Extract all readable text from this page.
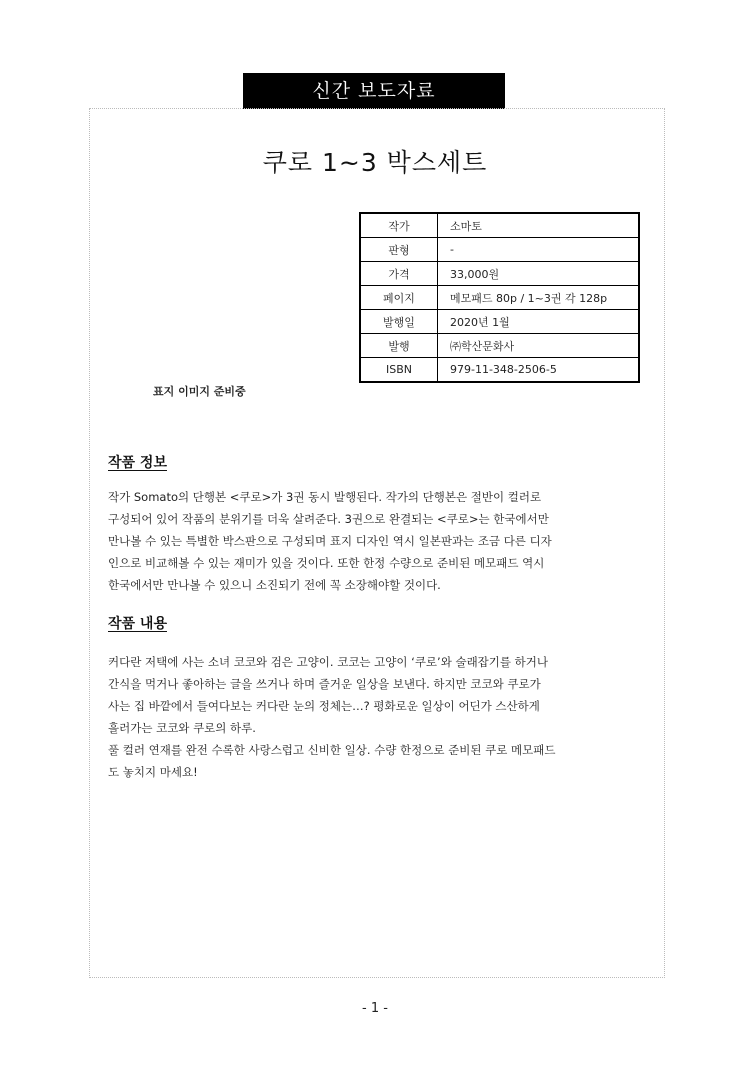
신간 보도자료
쿠로 1~3 박스세트
작가	소마토
판형	-
가격	33,000원
페이지	메모패드 80p / 1~3권 각 128p
발행일	2020년 1월
발행	㈜학산문화사
ISBN	979-11-348-2506-5
표지 이미지 준비중
작품 정보

작가 Somato의 단행본 <쿠로>가 3권 동시 발행된다. 작가의 단행본은 절반이 컬러로

구성되어 있어 작품의 분위기를 더욱 살려준다. 3권으로 완결되는 <쿠로>는 한국에서만

만나볼 수 있는 특별한 박스판으로 구성되며 표지 디자인 역시 일본판과는 조금 다른 디자

인으로 비교해볼 수 있는 재미가 있을 것이다. 또한 한정 수량으로 준비된 메모패드 역시

한국에서만 만나볼 수 있으니 소진되기 전에 꼭 소장해야할 것이다.

작품 내용

커다란 저택에 사는 소녀 코코와 검은 고양이. 코코는 고양이 ‘쿠로’와 술래잡기를 하거나

간식을 먹거나 좋아하는 글을 쓰거나 하며 즐거운 일상을 보낸다. 하지만 코코와 쿠로가

사는 집 바깥에서 들여다보는 커다란 눈의 정체는…? 평화로운 일상이 어딘가 스산하게

흘러가는 코코와 쿠로의 하루.

풀 컬러 연재를 완전 수록한 사랑스럽고 신비한 일상. 수량 한정으로 준비된 쿠로 메모패드

도 놓치지 마세요!

- 1 -
